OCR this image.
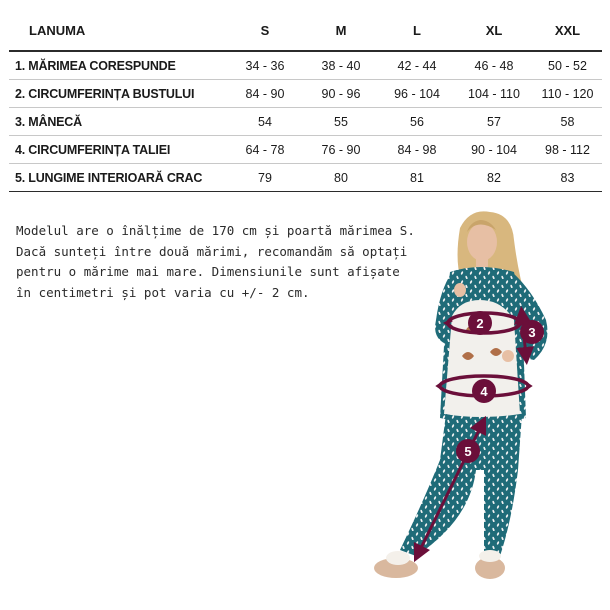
LANUMA	S	M	L	XL	XXL
1. MĂRIMEA CORESPUNDE	34 - 36	38 - 40	42 - 44	46 - 48	50 - 52
2. CIRCUMFERINȚA BUSTULUI	84 - 90	90 - 96	96 - 104	104 - 110	110 - 120
3. MÂNECĂ	54	55	56	57	58
4. CIRCUMFERINȚA TALIEI	64 - 78	76 - 90	84 - 98	90 - 104	98 - 112
5. LUNGIME INTERIOARĂ CRAC	79	80	81	82	83

Modelul are o înălțime de 170 cm și poartă mărimea S.
Dacă sunteți între două mărimi, recomandăm să optați
pentru o mărime mai mare. Dimensiunile sunt afișate
în centimetri și pot varia cu +/- 2 cm.

2
3
4
5
